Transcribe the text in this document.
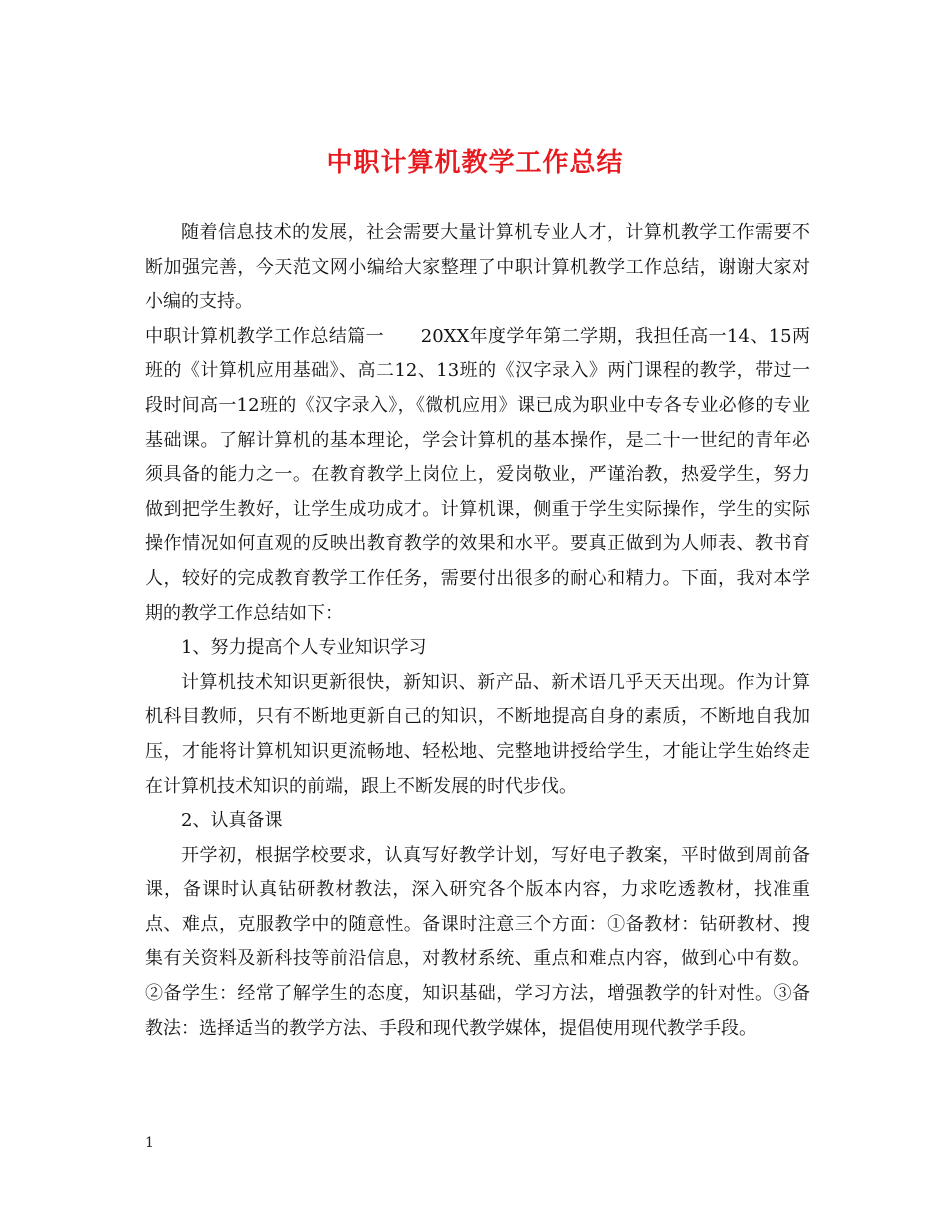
中职计算机教学工作总结

随着信息技术的发展，社会需要大量计算机专业人才，计算机教学工作需要不断加强完善，今天范文网小编给大家整理了中职计算机教学工作总结，谢谢大家对小编的支持。

中职计算机教学工作总结篇一　　20XX年度学年第二学期，我担任高一14、15两班的《计算机应用基础》、高二12、13班的《汉字录入》两门课程的教学，带过一段时间高一12班的《汉字录入》，《微机应用》课已成为职业中专各专业必修的专业基础课。了解计算机的基本理论，学会计算机的基本操作，是二十一世纪的青年必须具备的能力之一。在教育教学上岗位上，爱岗敬业，严谨治教，热爱学生，努力做到把学生教好，让学生成功成才。计算机课，侧重于学生实际操作，学生的实际操作情况如何直观的反映出教育教学的效果和水平。要真正做到为人师表、教书育人，较好的完成教育教学工作任务，需要付出很多的耐心和精力。下面，我对本学期的教学工作总结如下：

1、努力提高个人专业知识学习

计算机技术知识更新很快，新知识、新产品、新术语几乎天天出现。作为计算机科目教师，只有不断地更新自己的知识，不断地提高自身的素质，不断地自我加压，才能将计算机知识更流畅地、轻松地、完整地讲授给学生，才能让学生始终走在计算机技术知识的前端，跟上不断发展的时代步伐。

2、认真备课

开学初，根据学校要求，认真写好教学计划，写好电子教案，平时做到周前备课，备课时认真钻研教材教法，深入研究各个版本内容，力求吃透教材，找准重点、难点，克服教学中的随意性。备课时注意三个方面：①备教材：钻研教材、搜集有关资料及新科技等前沿信息，对教材系统、重点和难点内容，做到心中有数。②备学生：经常了解学生的态度，知识基础，学习方法，增强教学的针对性。③备教法：选择适当的教学方法、手段和现代教学媒体，提倡使用现代教学手段。

1
